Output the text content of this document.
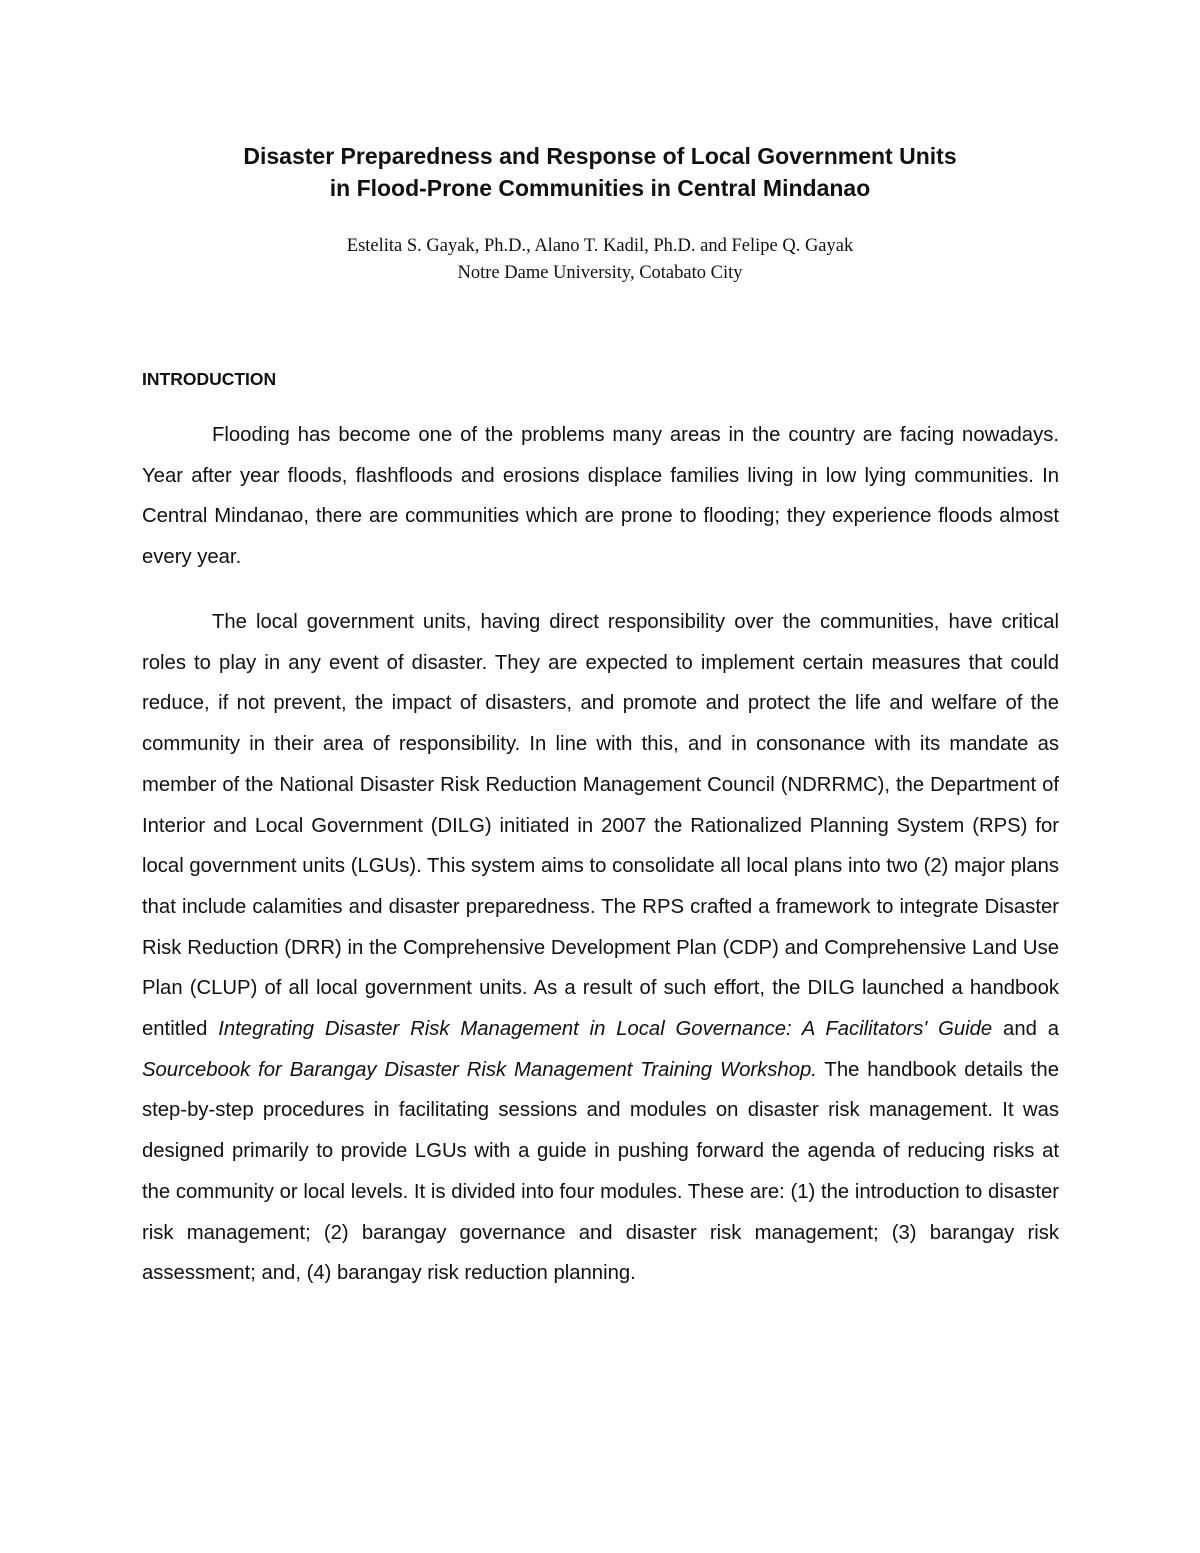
Disaster Preparedness and Response of Local Government Units
in Flood-Prone Communities in Central Mindanao
Estelita S. Gayak, Ph.D., Alano T. Kadil, Ph.D. and Felipe Q. Gayak
Notre Dame University, Cotabato City
INTRODUCTION

Flooding has become one of the problems many areas in the country are facing nowadays. Year after year floods, flashfloods and erosions displace families living in low lying communities. In Central Mindanao, there are communities which are prone to flooding; they experience floods almost every year.

The local government units, having direct responsibility over the communities, have critical roles to play in any event of disaster. They are expected to implement certain measures that could reduce, if not prevent, the impact of disasters, and promote and protect the life and welfare of the community in their area of responsibility. In line with this, and in consonance with its mandate as member of the National Disaster Risk Reduction Management Council (NDRRMC), the Department of Interior and Local Government (DILG) initiated in 2007 the Rationalized Planning System (RPS) for local government units (LGUs). This system aims to consolidate all local plans into two (2) major plans that include calamities and disaster preparedness. The RPS crafted a framework to integrate Disaster Risk Reduction (DRR) in the Comprehensive Development Plan (CDP) and Comprehensive Land Use Plan (CLUP) of all local government units. As a result of such effort, the DILG launched a handbook entitled Integrating Disaster Risk Management in Local Governance: A Facilitators' Guide and a Sourcebook for Barangay Disaster Risk Management Training Workshop. The handbook details the step-by-step procedures in facilitating sessions and modules on disaster risk management. It was designed primarily to provide LGUs with a guide in pushing forward the agenda of reducing risks at the community or local levels. It is divided into four modules. These are: (1) the introduction to disaster risk management; (2) barangay governance and disaster risk management; (3) barangay risk assessment; and, (4) barangay risk reduction planning.
